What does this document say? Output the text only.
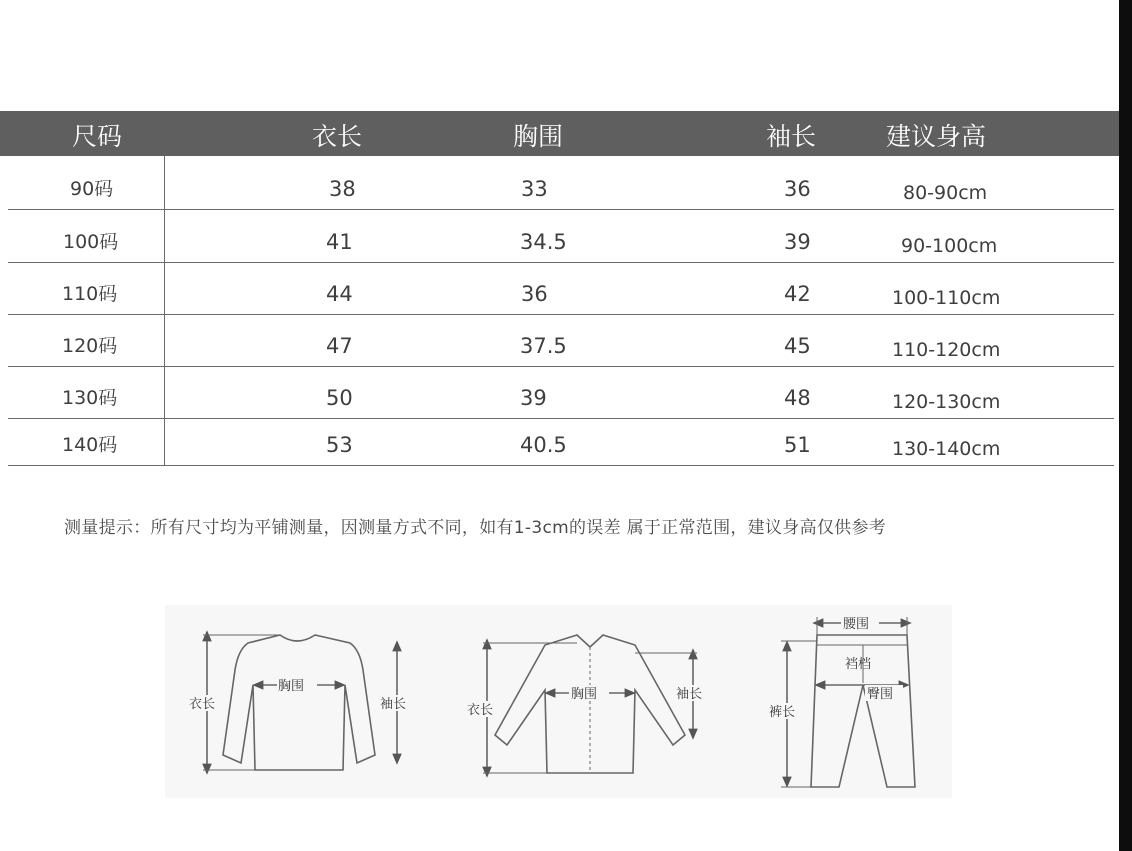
尺码	衣长	胸围	袖长	建议身高
90码	38	33	36	80-90cm
100码	41	34.5	39	90-100cm
110码	44	36	42	100-110cm
120码	47	37.5	45	110-120cm
130码	50	39	48	120-130cm
140码	53	40.5	51	130-140cm
测量提示：所有尺寸均为平铺测量，因测量方式不同，如有1-3cm的误差 属于正常范围，建议身高仅供参考
胸围
衣长	袖长
胸围
衣长
袖长
腰围
裆档
臀围
裤长
